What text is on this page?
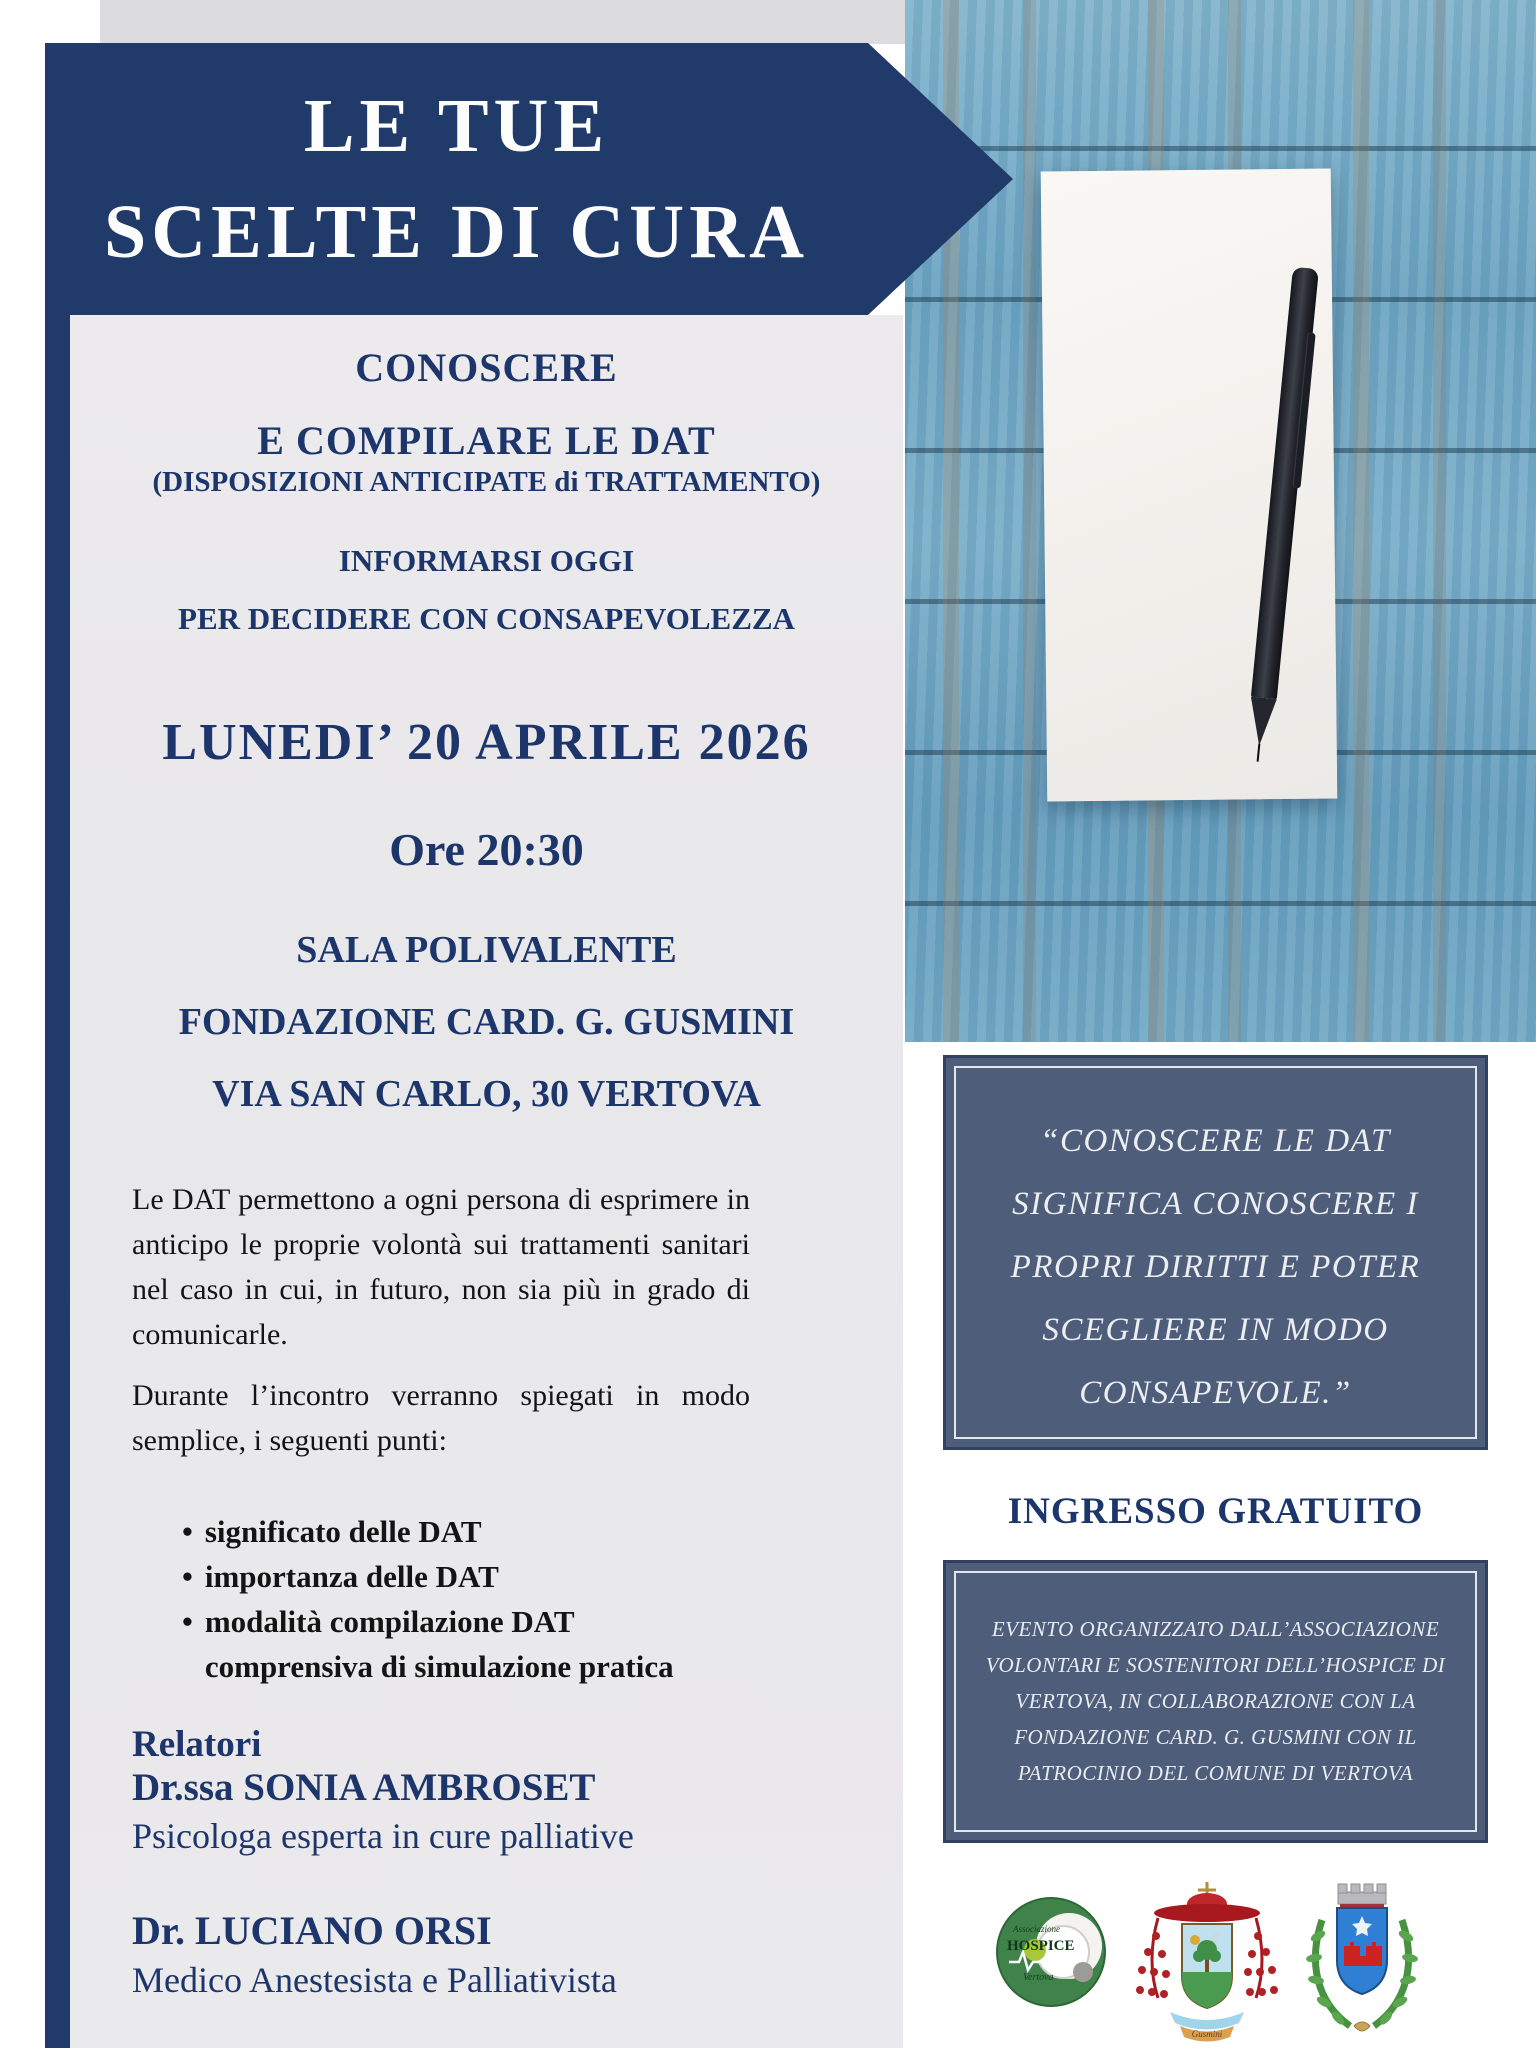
LE TUE
SCELTE DI CURA
CONOSCERE
E COMPILARE LE DAT
(DISPOSIZIONI ANTICIPATE di TRATTAMENTO)
INFORMARSI OGGI
PER DECIDERE CON CONSAPEVOLEZZA
LUNEDI’ 20 APRILE 2026
Ore 20:30
SALA POLIVALENTE
FONDAZIONE CARD. G. GUSMINI
VIA SAN CARLO, 30 VERTOVA
Le DAT permettono a ogni persona di esprimere in anticipo le proprie volontà sui trattamenti sanitari nel caso in cui, in futuro, non sia più in grado di comunicarle.
Durante l’incontro verranno spiegati in modo semplice, i seguenti punti:
• significato delle DAT
• importanza delle DAT
• modalità compilazione DAT comprensiva di simulazione pratica
Relatori
Dr.ssa SONIA AMBROSET
Psicologa esperta in cure palliative
Dr. LUCIANO ORSI
Medico Anestesista e Palliativista
“CONOSCERE LE DAT
SIGNIFICA CONOSCERE I
PROPRI DIRITTI E POTER
SCEGLIERE IN MODO
CONSAPEVOLE.”
INGRESSO GRATUITO
EVENTO ORGANIZZATO DALL’ASSOCIAZIONE
VOLONTARI E SOSTENITORI DELL’HOSPICE DI
VERTOVA, IN COLLABORAZIONE CON LA
FONDAZIONE CARD. G. GUSMINI CON IL
PATROCINIO DEL COMUNE DI VERTOVA
Associazione
HOSPICE
Vertova
Gusmini
